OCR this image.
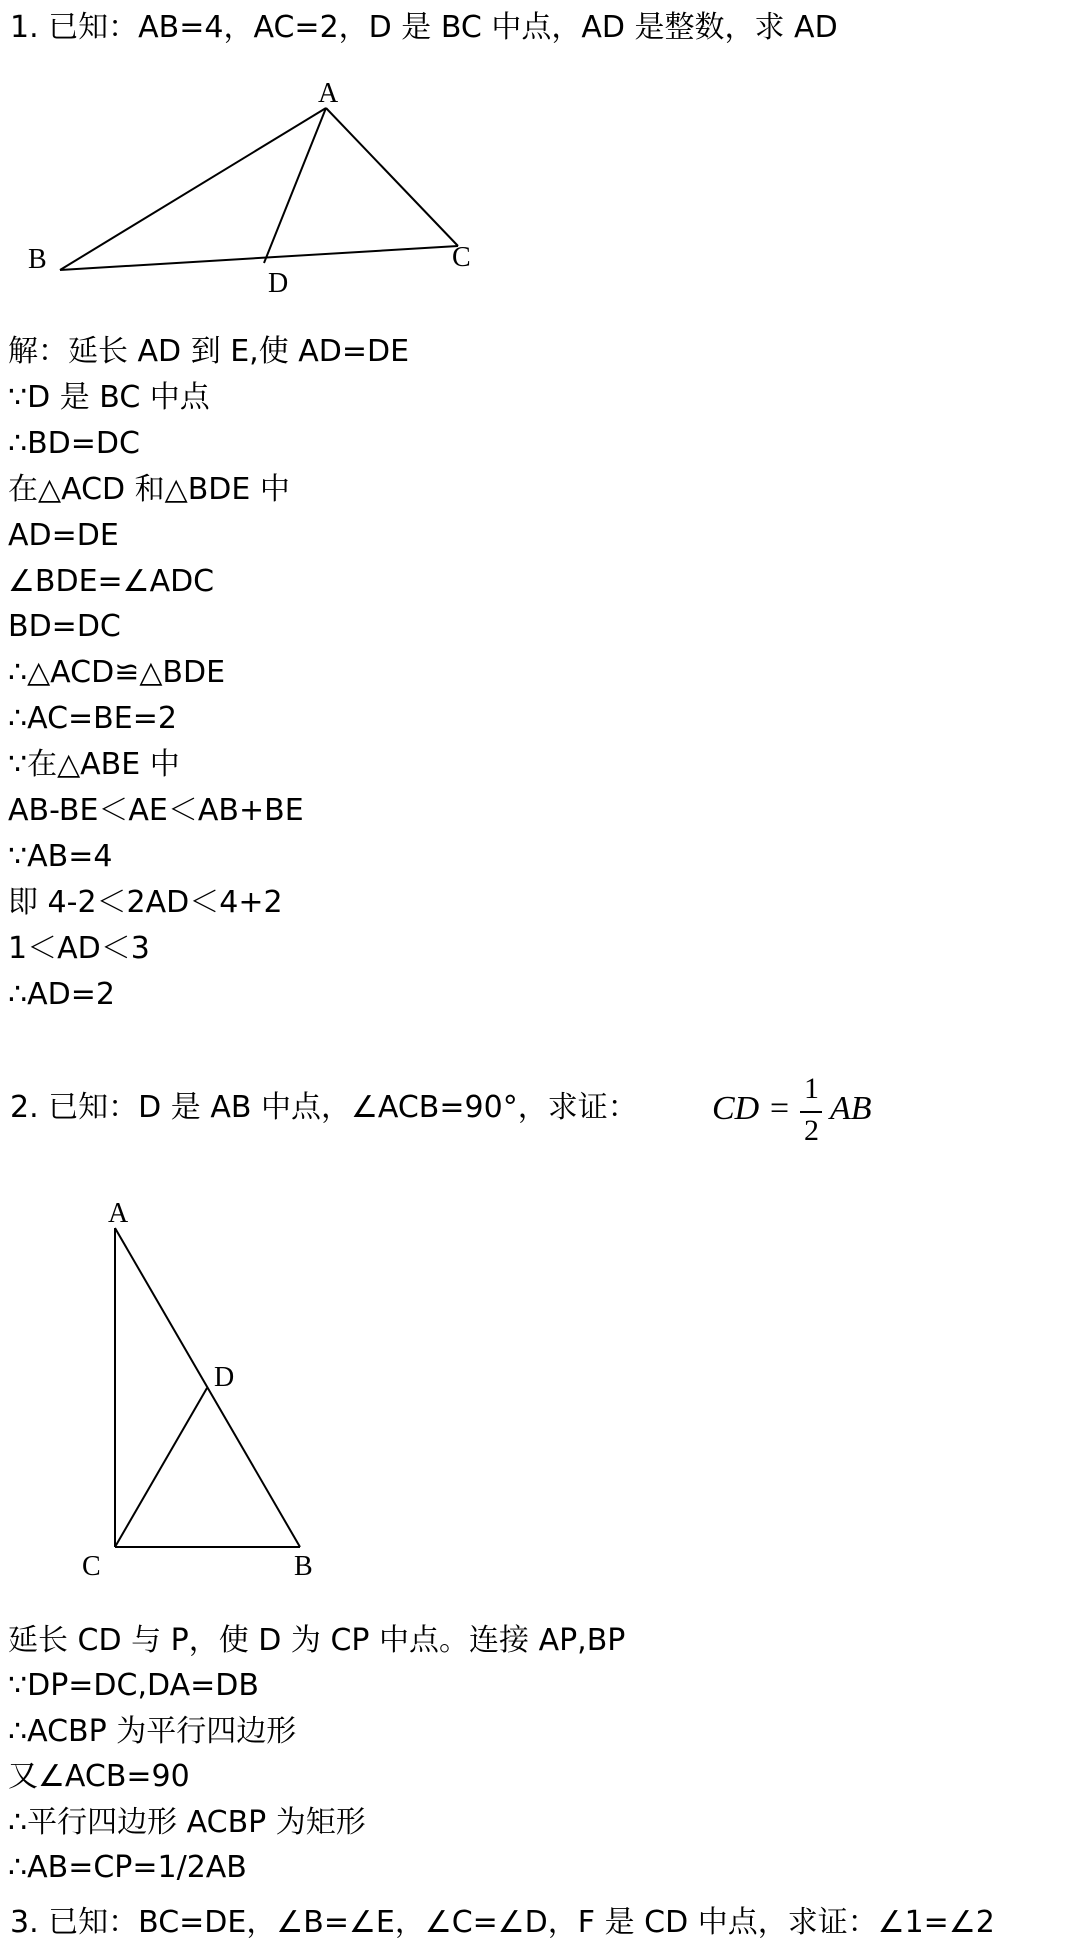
1. 已知：AB=4，AC=2，D 是 BC 中点，AD 是整数，求 AD
A
B	C
D
解：延长 AD 到 E,使 AD=DE
∵D 是 BC 中点
∴BD=DC
在△ACD 和△BDE 中
AD=DE
∠BDE=∠ADC
BD=DC
∴△ACD≌△BDE
∴AC=BE=2
∵在△ABE 中
AB-BE＜AE＜AB+BE
∵AB=4
即 4-2＜2AD＜4+2
1＜AD＜3
∴AD=2
2. 已知：D 是 AB 中点，∠ACB=90°，求证： CD =
1
2
AB
A
D
C	B
延长 CD 与 P，使 D 为 CP 中点。连接 AP,BP
∵DP=DC,DA=DB
∴ACBP 为平行四边形
又∠ACB=90
∴平行四边形 ACBP 为矩形
∴AB=CP=1/2AB
3. 已知：BC=DE，∠B=∠E，∠C=∠D，F 是 CD 中点，求证：∠1=∠2
